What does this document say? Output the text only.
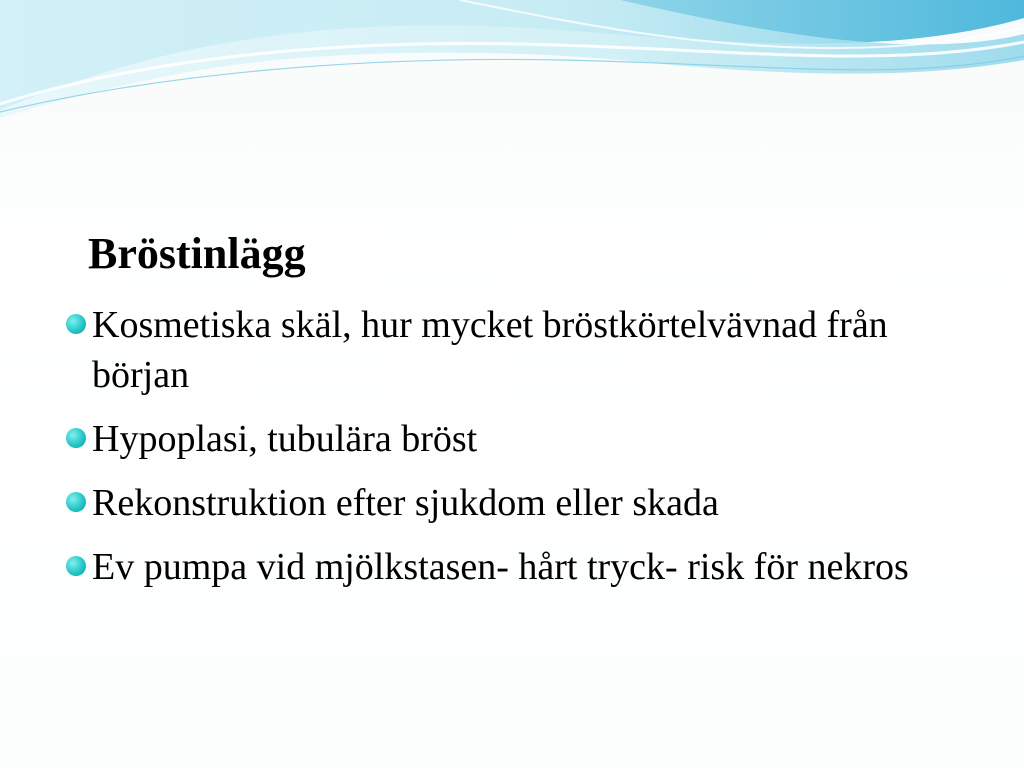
Bröstinlägg
Kosmetiska skäl, hur mycket bröstkörtelvävnad från början
Hypoplasi, tubulära bröst
Rekonstruktion efter sjukdom eller skada
Ev pumpa vid mjölkstasen- hårt tryck- risk för nekros
